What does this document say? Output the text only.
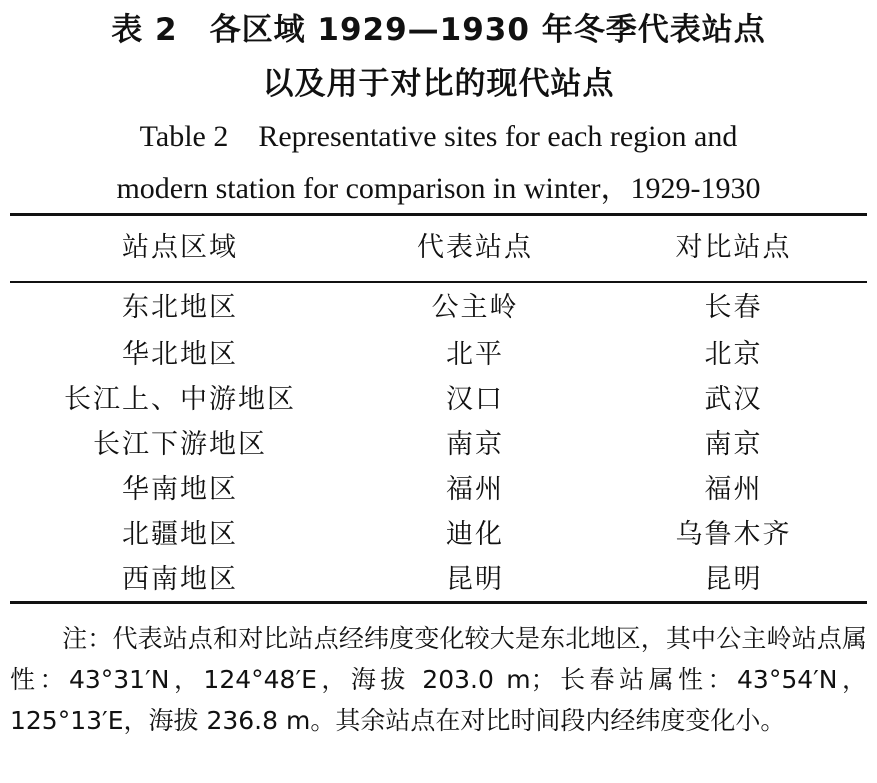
表 2　各区域 1929—1930 年冬季代表站点
以及用于对比的现代站点
Table 2　Representative sites for each region and
modern station for comparison in winter，1929-1930
站点区域	代表站点	对比站点
东北地区	公主岭	长春
华北地区	北平	北京
长江上、中游地区	汉口	武汉
长江下游地区	南京	南京
华南地区	福州	福州
北疆地区	迪化	乌鲁木齐
西南地区	昆明	昆明
注：代表站点和对比站点经纬度变化较大是东北地区，其中公主岭站点属性：43°31′N，124°48′E，海拔 203.0 m；长春站属性：43°54′N，125°13′E，海拔 236.8 m。其余站点在对比时间段内经纬度变化小。
